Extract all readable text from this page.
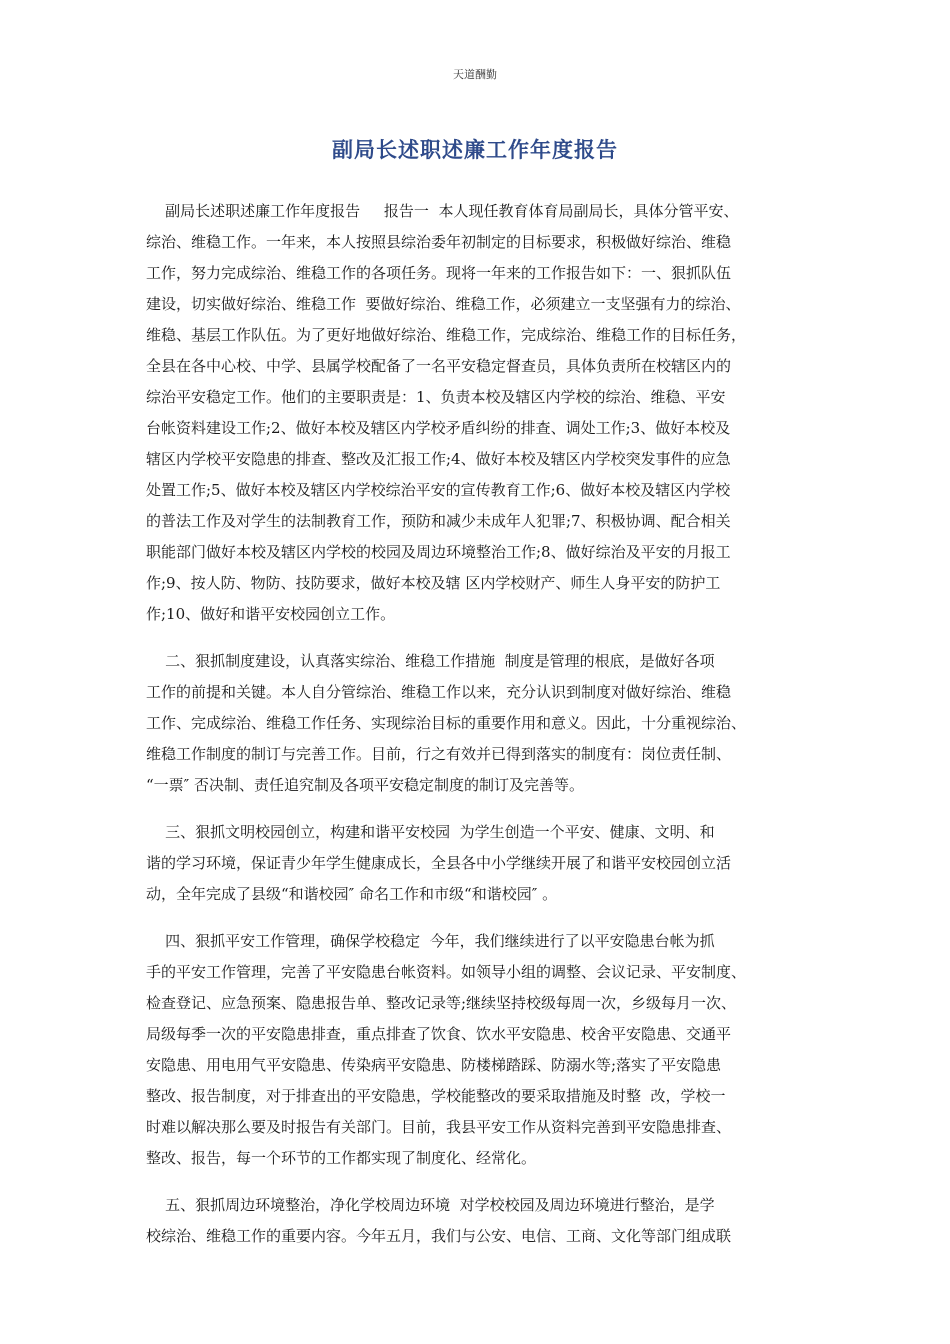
天道酬勤
副局长述职述廉工作年度报告
副局长述职述廉工作年度报告     报告一  本人现任教育体育局副局长，具体分管平安、
综治、维稳工作。一年来，本人按照县综治委年初制定的目标要求，积极做好综治、维稳
工作，努力完成综治、维稳工作的各项任务。现将一年来的工作报告如下：一、狠抓队伍
建设，切实做好综治、维稳工作  要做好综治、维稳工作，必须建立一支坚强有力的综治、
维稳、基层工作队伍。为了更好地做好综治、维稳工作，完成综治、维稳工作的目标任务，
全县在各中心校、中学、县属学校配备了一名平安稳定督查员，具体负责所在校辖区内的
综治平安稳定工作。他们的主要职责是：1、负责本校及辖区内学校的综治、维稳、平安
台帐资料建设工作;2、做好本校及辖区内学校矛盾纠纷的排查、调处工作;3、做好本校及
辖区内学校平安隐患的排查、整改及汇报工作;4、做好本校及辖区内学校突发事件的应急
处置工作;5、做好本校及辖区内学校综治平安的宣传教育工作;6、做好本校及辖区内学校
的普法工作及对学生的法制教育工作，预防和减少未成年人犯罪;7、积极协调、配合相关
职能部门做好本校及辖区内学校的校园及周边环境整治工作;8、做好综治及平安的月报工
作;9、按人防、物防、技防要求，做好本校及辖 区内学校财产、师生人身平安的防护工
作;10、做好和谐平安校园创立工作。
二、狠抓制度建设，认真落实综治、维稳工作措施  制度是管理的根底，是做好各项
工作的前提和关键。本人自分管综治、维稳工作以来，充分认识到制度对做好综治、维稳
工作、完成综治、维稳工作任务、实现综治目标的重要作用和意义。因此，十分重视综治、
维稳工作制度的制订与完善工作。目前，行之有效并已得到落实的制度有：岗位责任制、
“一票″ 否决制、责任追究制及各项平安稳定制度的制订及完善等。
三、狠抓文明校园创立，构建和谐平安校园  为学生创造一个平安、健康、文明、和
谐的学习环境，保证青少年学生健康成长，全县各中小学继续开展了和谐平安校园创立活
动，全年完成了县级“和谐校园″ 命名工作和市级“和谐校园″ 。
四、狠抓平安工作管理，确保学校稳定  今年，我们继续进行了以平安隐患台帐为抓
手的平安工作管理，完善了平安隐患台帐资料。如领导小组的调整、会议记录、平安制度、
检查登记、应急预案、隐患报告单、整改记录等;继续坚持校级每周一次，乡级每月一次、
局级每季一次的平安隐患排查，重点排查了饮食、饮水平安隐患、校舍平安隐患、交通平
安隐患、用电用气平安隐患、传染病平安隐患、防楼梯踏踩、防溺水等;落实了平安隐患
整改、报告制度，对于排查出的平安隐患，学校能整改的要采取措施及时整  改，学校一
时难以解决那么要及时报告有关部门。目前，我县平安工作从资料完善到平安隐患排查、
整改、报告，每一个环节的工作都实现了制度化、经常化。
五、狠抓周边环境整治，净化学校周边环境  对学校校园及周边环境进行整治，是学
校综治、维稳工作的重要内容。今年五月，我们与公安、电信、工商、文化等部门组成联
